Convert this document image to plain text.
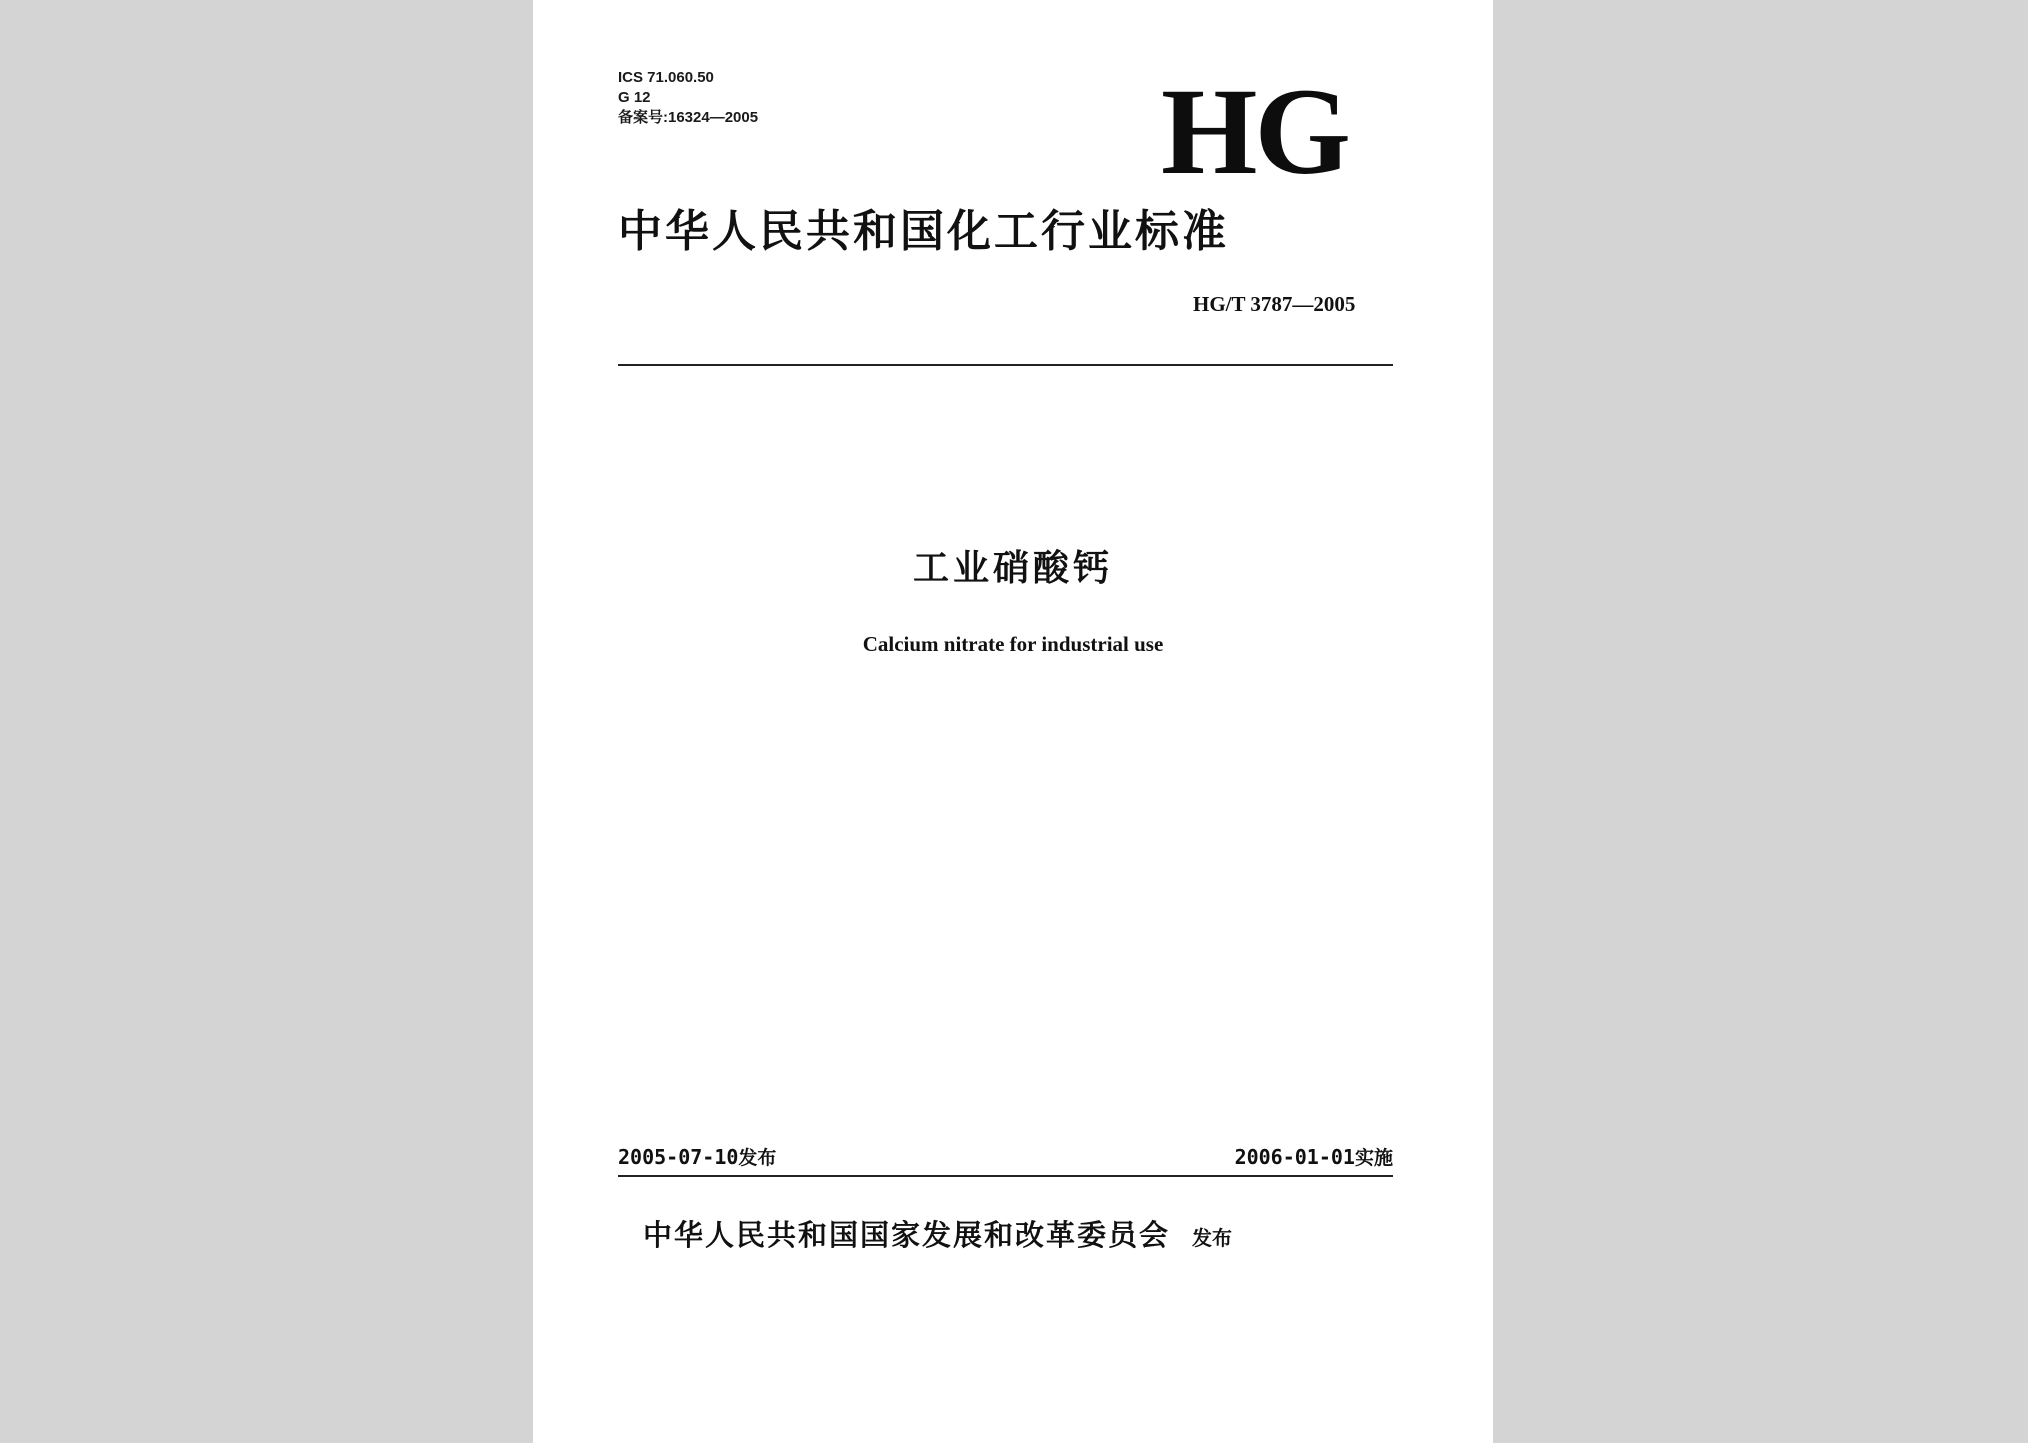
ICS 71.060.50
G 12
备案号:16324—2005	HG
中华人民共和国化工行业标准
HG/T 3787—2005
工业硝酸钙
Calcium nitrate for industrial use
2005-07-10发布	2006-01-01实施
中华人民共和国国家发展和改革委员会 发布
